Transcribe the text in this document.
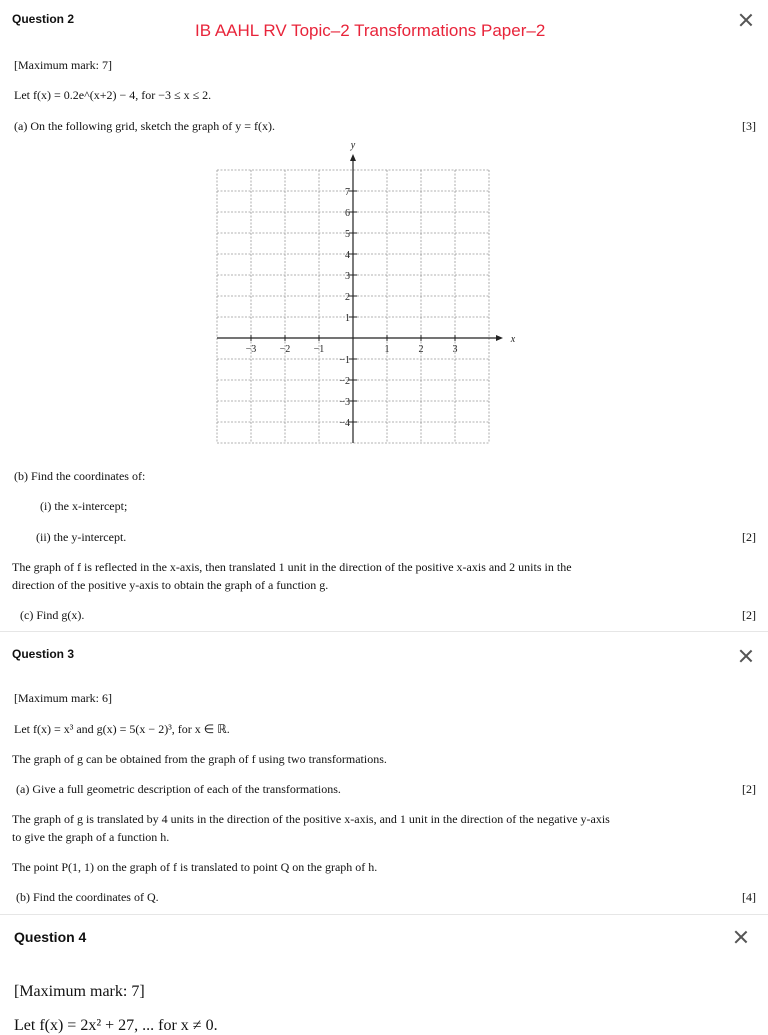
Question 2
IB AAHL RV Topic–2 Transformations Paper–2
[Maximum mark: 7]
Let f(x) = 0.2e^(x+2) − 4, for −3 ≤ x ≤ 2.
(a) On the following grid, sketch the graph of y = f(x).	[3]
x
y
−3 −2 −1	1	2	3
7
6
5
4
3
2
1
−1
−2
−3
−4
(b) Find the coordinates of:
(i) the x-intercept;
(ii) the y-intercept.	[2]
The graph of f is reflected in the x-axis, then translated 1 unit in the direction of the positive x-axis and 2 units in the
direction of the positive y-axis to obtain the graph of a function g.
(c) Find g(x).	[2]
Question 3
[Maximum mark: 6]
Let f(x) = x³ and g(x) = 5(x − 2)³, for x ∈ ℝ.
The graph of g can be obtained from the graph of f using two transformations.
(a) Give a full geometric description of each of the transformations.	[2]
The graph of g is translated by 4 units in the direction of the positive x-axis, and 1 unit in the direction of the negative y-axis
to give the graph of a function h.
The point P(1, 1) on the graph of f is translated to point Q on the graph of h.
(b) Find the coordinates of Q.	[4]
Question 4
[Maximum mark: 7]
Let f(x) = 2x² + 27, ... for x ≠ 0.
